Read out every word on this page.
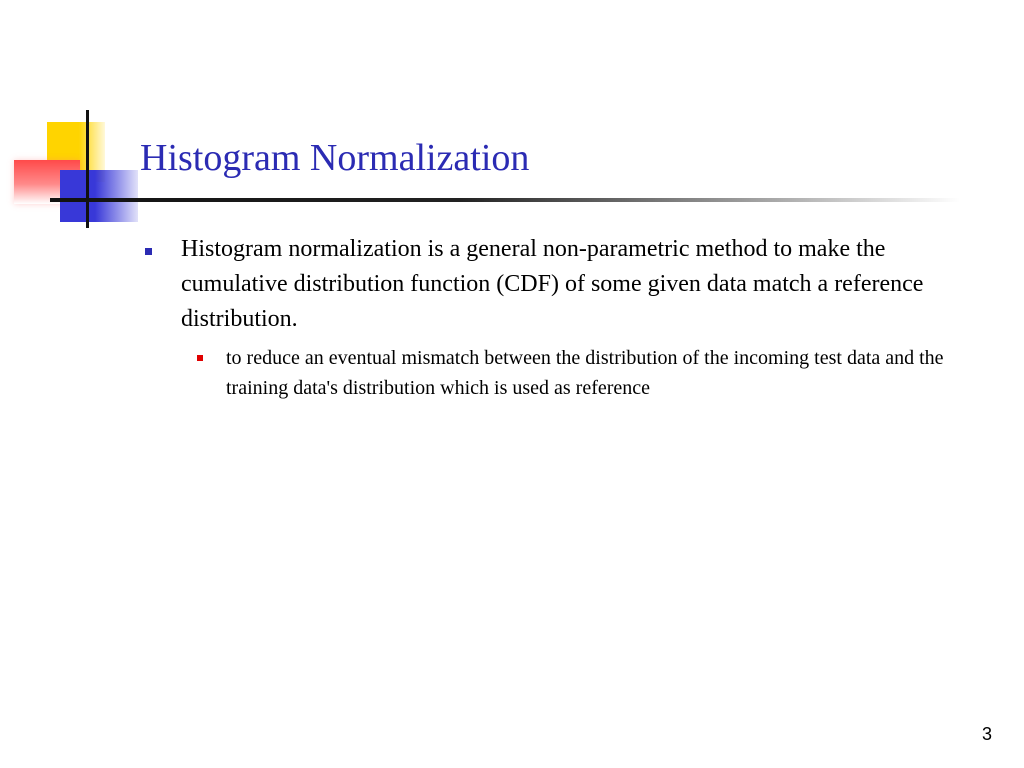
Histogram Normalization
Histogram normalization is a general non-parametric method to make the cumulative distribution function (CDF) of some given data match a reference distribution.
to reduce an eventual mismatch between the distribution of the incoming test data and the training data's distribution which is used as reference
3
